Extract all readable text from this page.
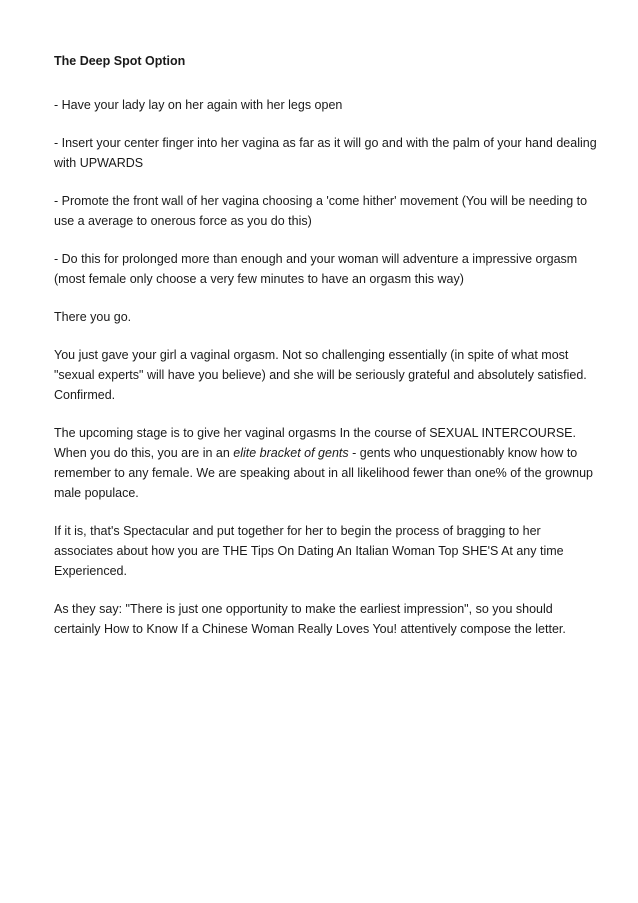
The Deep Spot Option

- Have your lady lay on her again with her legs open

- Insert your center finger into her vagina as far as it will go and with the palm of your hand dealing with UPWARDS

- Promote the front wall of her vagina choosing a 'come hither' movement (You will be needing to use a average to onerous force as you do this)

- Do this for prolonged more than enough and your woman will adventure a impressive orgasm (most female only choose a very few minutes to have an orgasm this way)

There you go.

You just gave your girl a vaginal orgasm. Not so challenging essentially (in spite of what most "sexual experts" will have you believe) and she will be seriously grateful and absolutely satisfied. Confirmed.

The upcoming stage is to give her vaginal orgasms In the course of SEXUAL INTERCOURSE. When you do this, you are in an elite bracket of gents - gents who unquestionably know how to remember to any female. We are speaking about in all likelihood fewer than one% of the grownup male populace.

If it is, that's Spectacular and put together for her to begin the process of bragging to her associates about how you are THE Tips On Dating An Italian Woman Top SHE'S At any time Experienced.

As they say: "There is just one opportunity to make the earliest impression", so you should certainly How to Know If a Chinese Woman Really Loves You! attentively compose the letter.
